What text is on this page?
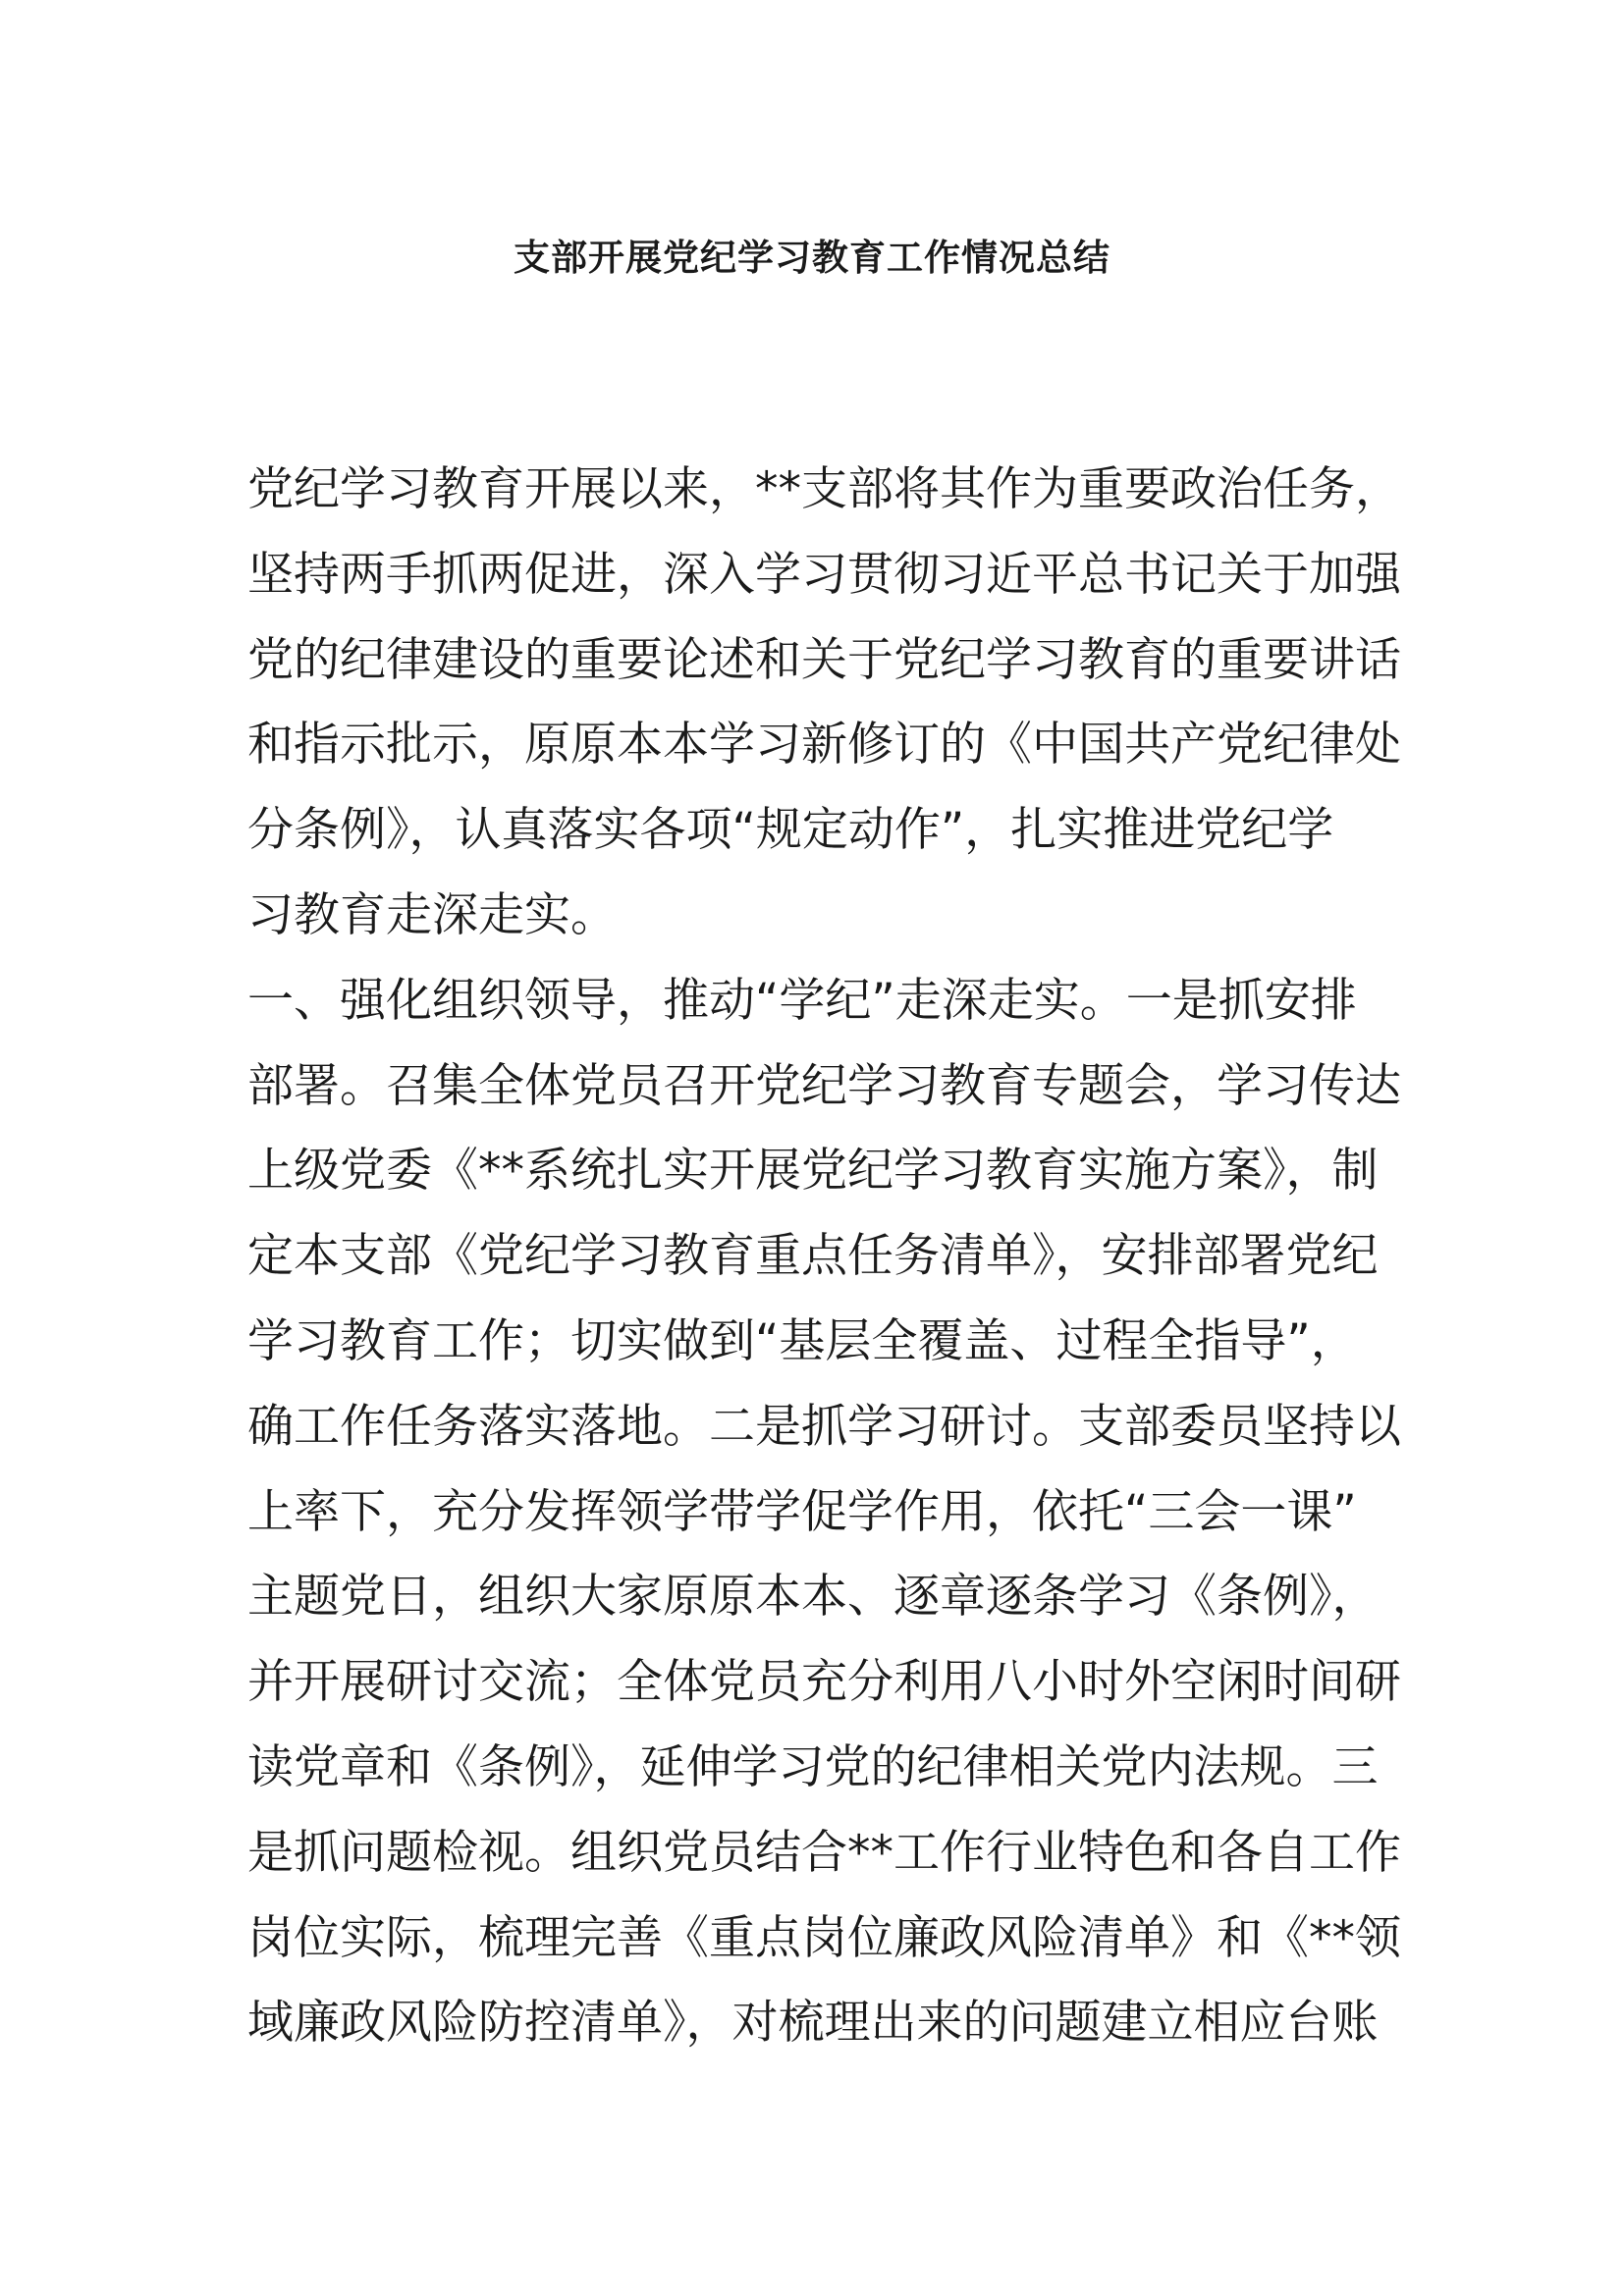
支部开展党纪学习教育工作情况总结
党纪学习教育开展以来，**支部将其作为重要政治任务，
坚持两手抓两促进，深入学习贯彻习近平总书记关于加强
党的纪律建设的重要论述和关于党纪学习教育的重要讲话
和指示批示，原原本本学习新修订的《中国共产党纪律处
分条例》，认真落实各项“规定动作”，扎实推进党纪学
习教育走深走实。
一、强化组织领导，推动“学纪”走深走实。一是抓安排
部署。召集全体党员召开党纪学习教育专题会，学习传达
上级党委《**系统扎实开展党纪学习教育实施方案》，制
定本支部《党纪学习教育重点任务清单》，安排部署党纪
学习教育工作；切实做到“基层全覆盖、过程全指导”，
确工作任务落实落地。二是抓学习研讨。支部委员坚持以
上率下，充分发挥领学带学促学作用，依托“三会一课”
主题党日，组织大家原原本本、逐章逐条学习《条例》，
并开展研讨交流；全体党员充分利用八小时外空闲时间研
读党章和《条例》，延伸学习党的纪律相关党内法规。三
是抓问题检视。组织党员结合**工作行业特色和各自工作
岗位实际，梳理完善《重点岗位廉政风险清单》和《**领
域廉政风险防控清单》，对梳理出来的问题建立相应台账
